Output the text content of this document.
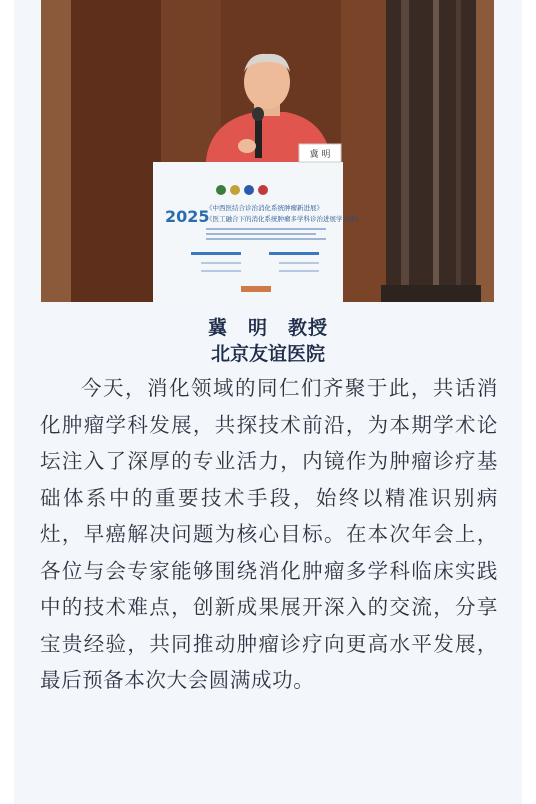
冀 明
2025
《中西医结合诊治消化系统肿瘤新进展》
《医工融合下的消化系统肿瘤多学科诊治进展学习班》
冀　明　教授
北京友谊医院

今天，消化领域的同仁们齐聚于此，共话消化肿瘤学科发展，共探技术前沿，为本期学术论坛注入了深厚的专业活力，内镜作为肿瘤诊疗基础体系中的重要技术手段，始终以精准识别病灶，早癌解决问题为核心目标。在本次年会上，各位与会专家能够围绕消化肿瘤多学科临床实践中的技术难点，创新成果展开深入的交流，分享宝贵经验，共同推动肿瘤诊疗向更高水平发展，最后预备本次大会圆满成功。
